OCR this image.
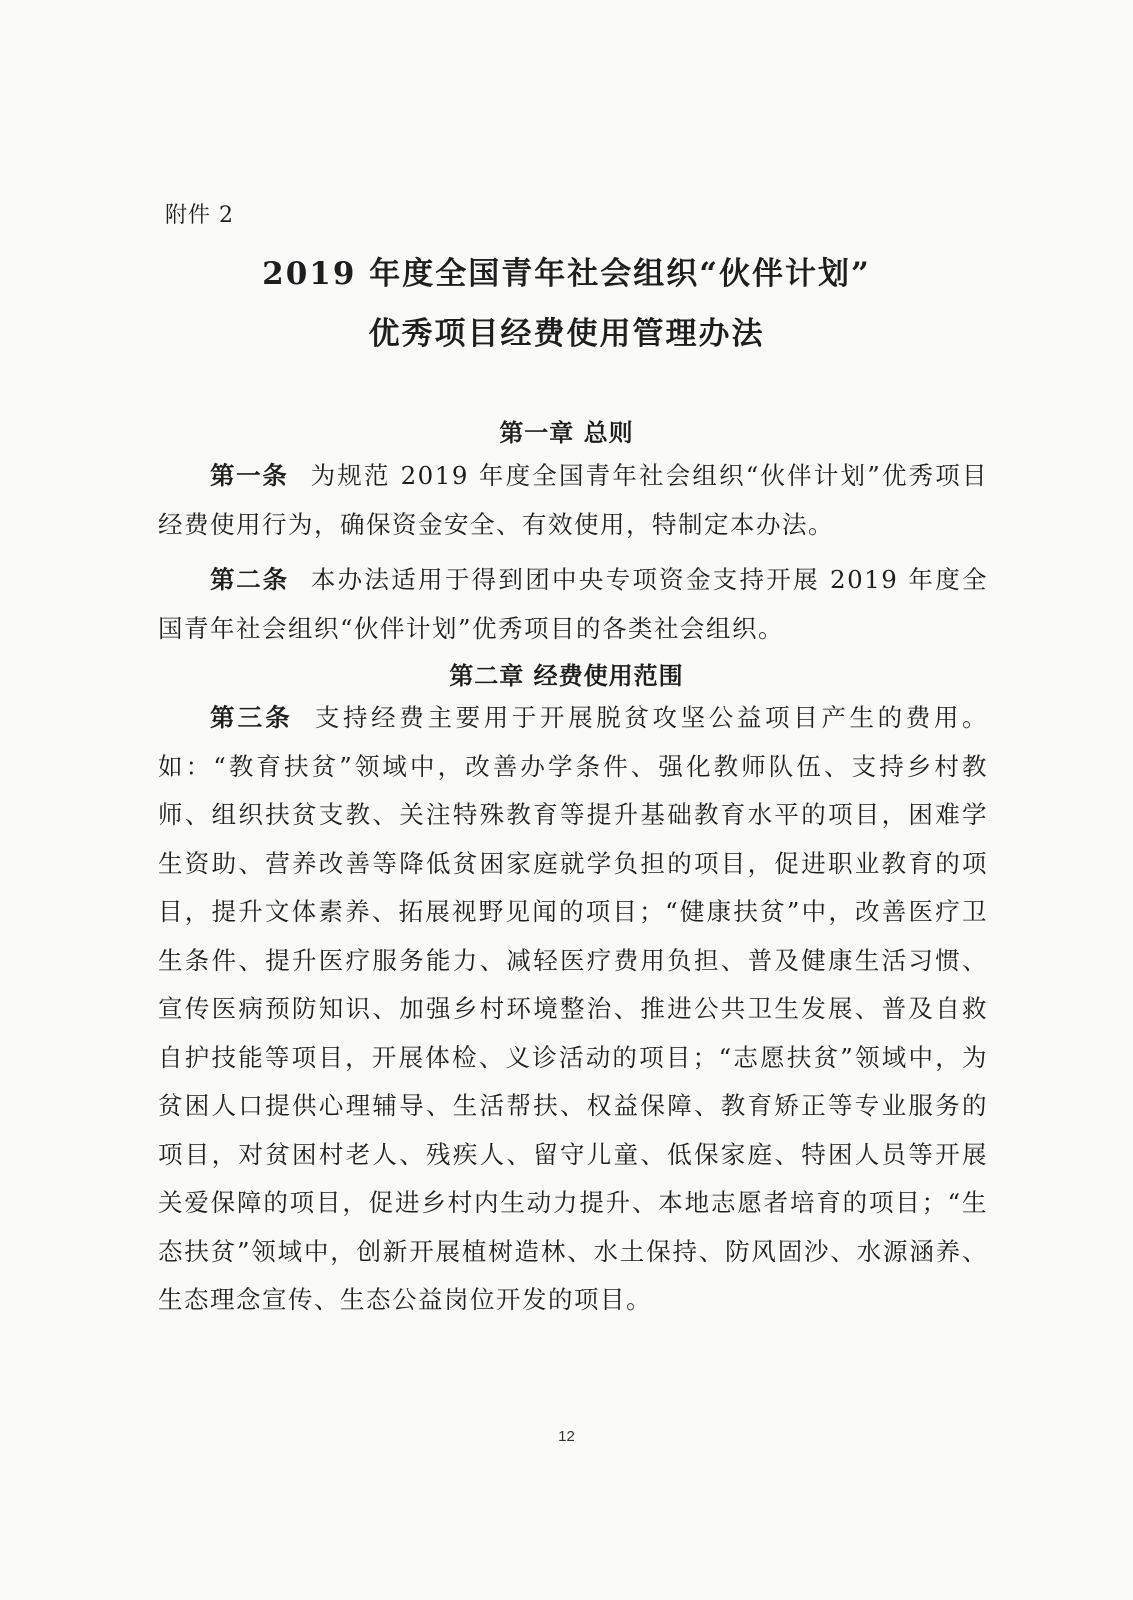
附件 2
2019 年度全国青年社会组织“伙伴计划”
优秀项目经费使用管理办法
第一章 总则
第一条 为规范 2019 年度全国青年社会组织“伙伴计划”优秀项目经费使用行为，确保资金安全、有效使用，特制定本办法。
第二条 本办法适用于得到团中央专项资金支持开展 2019 年度全国青年社会组织“伙伴计划”优秀项目的各类社会组织。
第二章 经费使用范围
第三条 支持经费主要用于开展脱贫攻坚公益项目产生的费用。如：“教育扶贫”领域中，改善办学条件、强化教师队伍、支持乡村教师、组织扶贫支教、关注特殊教育等提升基础教育水平的项目，困难学生资助、营养改善等降低贫困家庭就学负担的项目，促进职业教育的项目，提升文体素养、拓展视野见闻的项目；“健康扶贫”中，改善医疗卫生条件、提升医疗服务能力、减轻医疗费用负担、普及健康生活习惯、宣传医病预防知识、加强乡村环境整治、推进公共卫生发展、普及自救自护技能等项目，开展体检、义诊活动的项目；“志愿扶贫”领域中，为贫困人口提供心理辅导、生活帮扶、权益保障、教育矫正等专业服务的项目，对贫困村老人、残疾人、留守儿童、低保家庭、特困人员等开展关爱保障的项目，促进乡村内生动力提升、本地志愿者培育的项目；“生态扶贫”领域中，创新开展植树造林、水土保持、防风固沙、水源涵养、生态理念宣传、生态公益岗位开发的项目。
12
